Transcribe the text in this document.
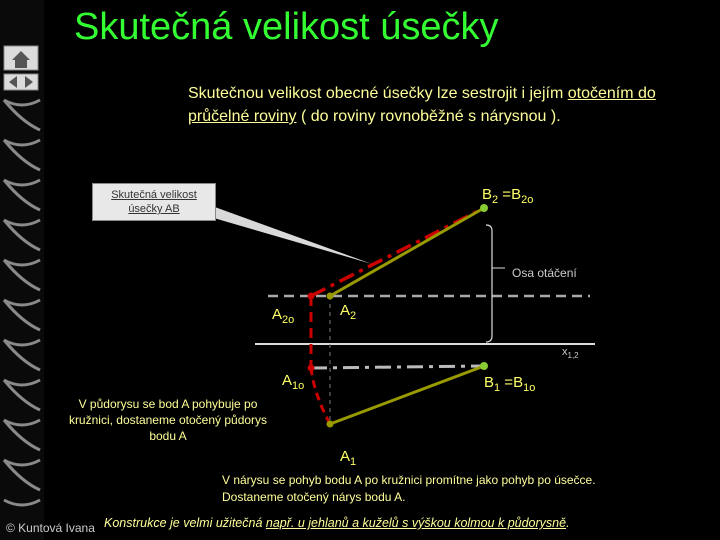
Skutečná velikost úsečky
Skutečnou velikost obecné úsečky lze sestrojit i jejím otočením do průčelné roviny ( do roviny rovnoběžné s nárysnou ).
Skutečná velikost úsečky AB
$B_2 =B_{2o}$
$A_{2o}$
$A_2$
$A_{1o}$	$B_1 =B_{1o}$
$A_1$
Osa otáčení
$x_{1,2}$
V půdorysu se bod A pohybuje po kružnici, dostaneme otočený půdorys bodu A
V nárysu se pohyb bodu A po kružnici promítne jako pohyb po úsečce. Dostaneme otočený nárys bodu A.
© Kuntová Ivana Konstrukce je velmi užitečná např. u jehlanů a kuželů s výškou kolmou k půdorysně.
